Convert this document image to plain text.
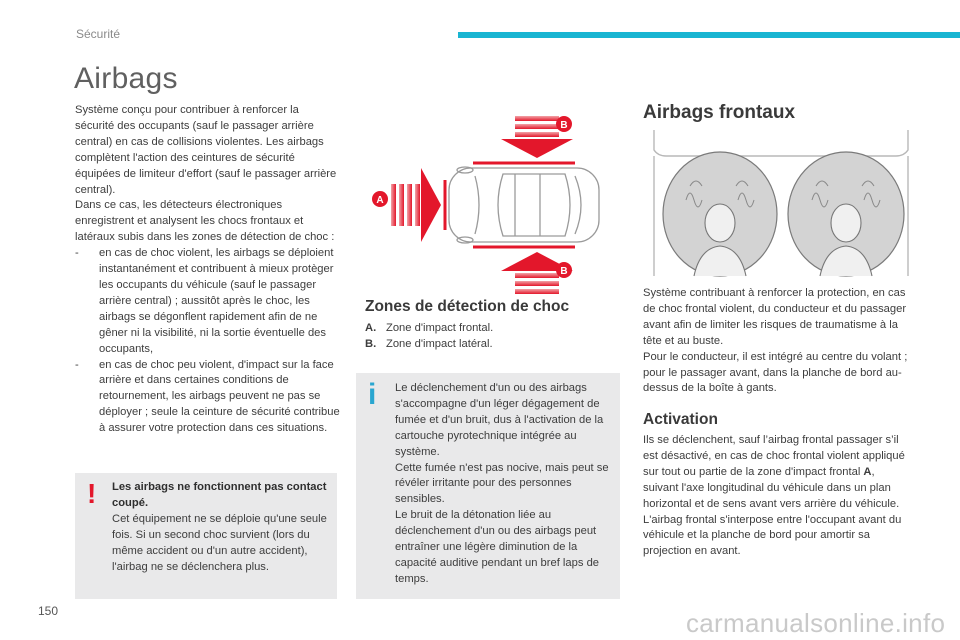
Sécurité
Airbags

Système conçu pour contribuer à renforcer la sécurité des occupants (sauf le passager arrière central) en cas de collisions violentes. Les airbags complètent l'action des ceintures de sécurité équipées de limiteur d'effort (sauf le passager arrière central).

Dans ce cas, les détecteurs électroniques enregistrent et analysent les chocs frontaux et latéraux subis dans les zones de détection de choc :

- en cas de choc violent, les airbags se déploient instantanément et contribuent à mieux protèger les occupants du véhicule (sauf le passager arrière central) ; aussitôt après le choc, les airbags se dégonflent rapidement afin de ne gêner ni la visibilité, ni la sortie éventuelle des occupants,
- en cas de choc peu violent, d'impact sur la face arrière et dans certaines conditions de retournement, les airbags peuvent ne pas se déployer ; seule la ceinture de sécurité contribue à assurer votre protection dans ces situations.
! Les airbags ne fonctionnent pas contact coupé.
Cet équipement ne se déploie qu'une seule fois. Si un second choc survient (lors du même accident ou d'un autre accident), l'airbag ne se déclenchera plus.
A
B
B
Zones de détection de choc
A. Zone d'impact frontal.
B. Zone d'impact latéral.
i Le déclenchement d'un ou des airbags s'accompagne d'un léger dégagement de fumée et d'un bruit, dus à l'activation de la cartouche pyrotechnique intégrée au système.
Cette fumée n'est pas nocive, mais peut se révéler irritante pour des personnes sensibles.
Le bruit de la détonation liée au déclenchement d'un ou des airbags peut entraîner une légère diminution de la capacité auditive pendant un bref laps de temps.
Airbags frontaux
Système contribuant à renforcer la protection, en cas de choc frontal violent, du conducteur et du passager avant afin de limiter les risques de traumatisme à la tête et au buste.
Pour le conducteur, il est intégré au centre du volant ; pour le passager avant, dans la planche de bord au-dessus de la boîte à gants.
Activation
Ils se déclenchent, sauf l’airbag frontal passager s’il est désactivé, en cas de choc frontal violent appliqué sur tout ou partie de la zone d'impact frontal A, suivant l'axe longitudinal du véhicule dans un plan horizontal et de sens avant vers arrière du véhicule.
L'airbag frontal s'interpose entre l'occupant avant du véhicule et la planche de bord pour amortir sa projection en avant.
150	carmanualsonline.info
